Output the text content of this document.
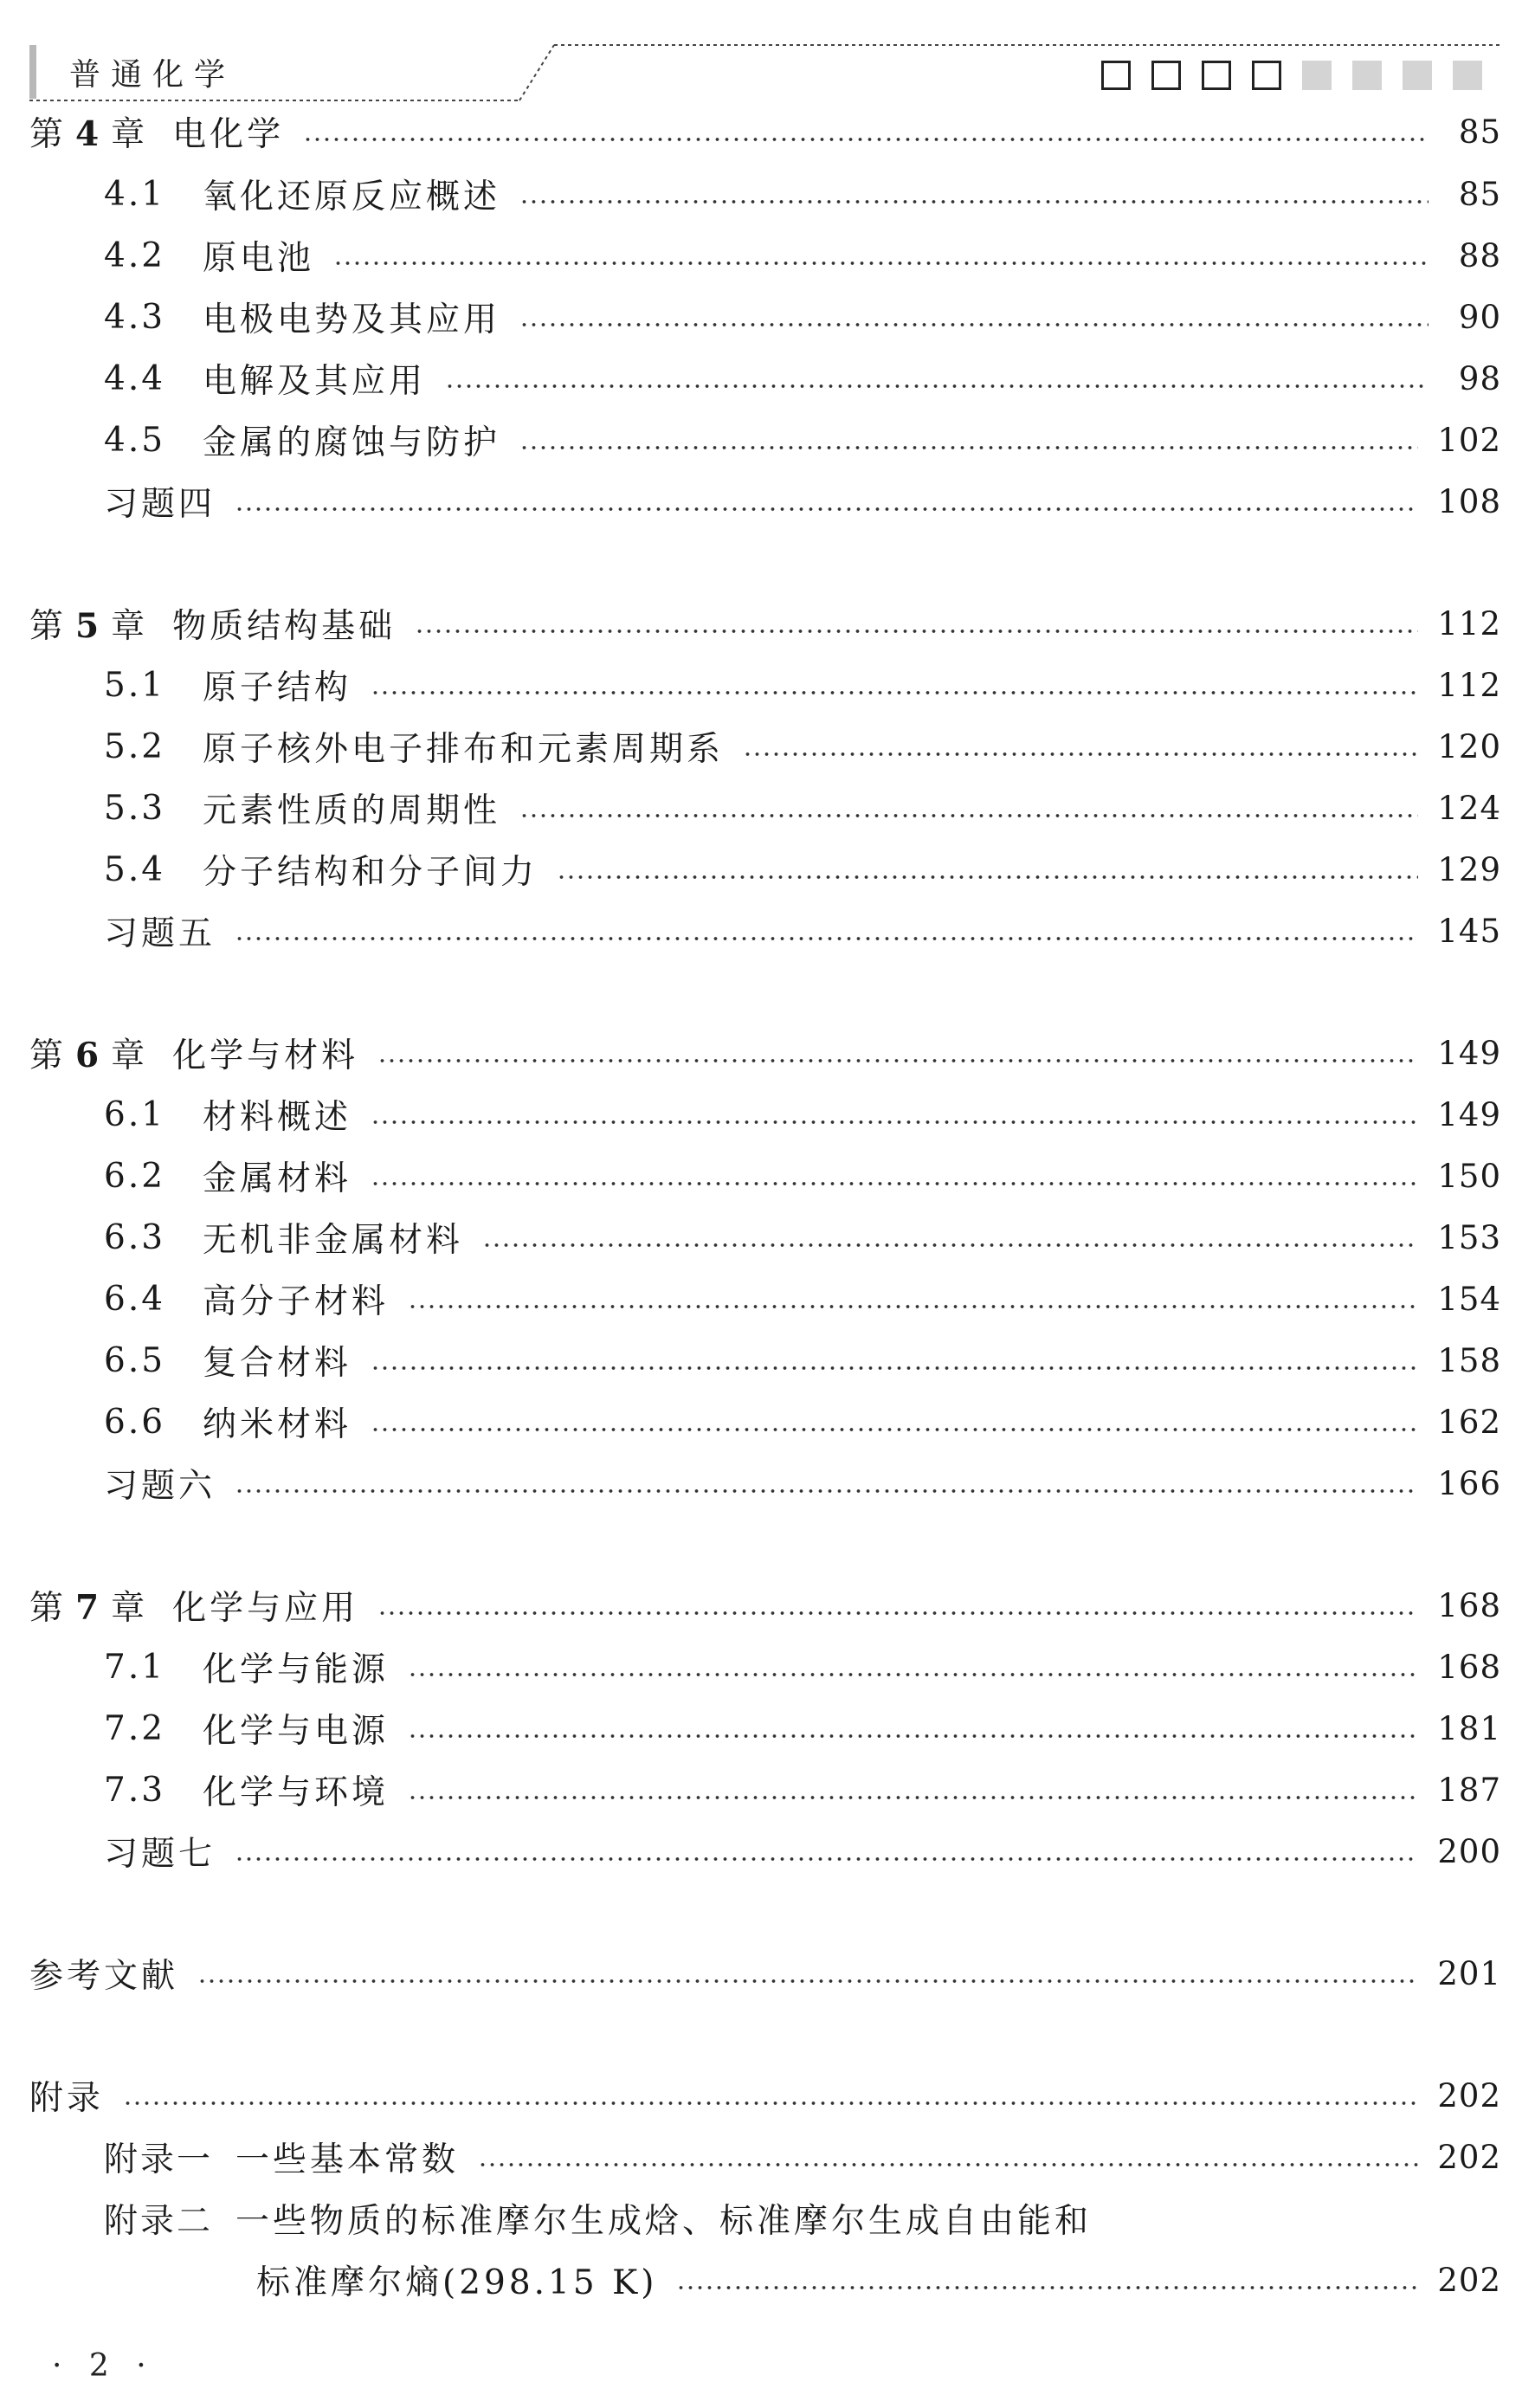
普通化学
第 4 章 电化学	85
4.1 氧化还原反应概述	85
4.2 原电池	88
4.3 电极电势及其应用	90
4.4 电解及其应用	98
4.5 金属的腐蚀与防护	102
习题四	108
第 5 章 物质结构基础	112
5.1 原子结构	112
5.2 原子核外电子排布和元素周期系	120
5.3 元素性质的周期性	124
5.4 分子结构和分子间力	129
习题五	145
第 6 章 化学与材料	149
6.1 材料概述	149
6.2 金属材料	150
6.3 无机非金属材料	153
6.4 高分子材料	154
6.5 复合材料	158
6.6 纳米材料	162
习题六	166
第 7 章 化学与应用	168
7.1 化学与能源	168
7.2 化学与电源	181
7.3 化学与环境	187
习题七	200
参考文献	201
附录	202
附录一 一些基本常数	202
附录二 一些物质的标准摩尔生成焓、标准摩尔生成自由能和
标准摩尔熵(298.15 K)	202
· 2 ·
